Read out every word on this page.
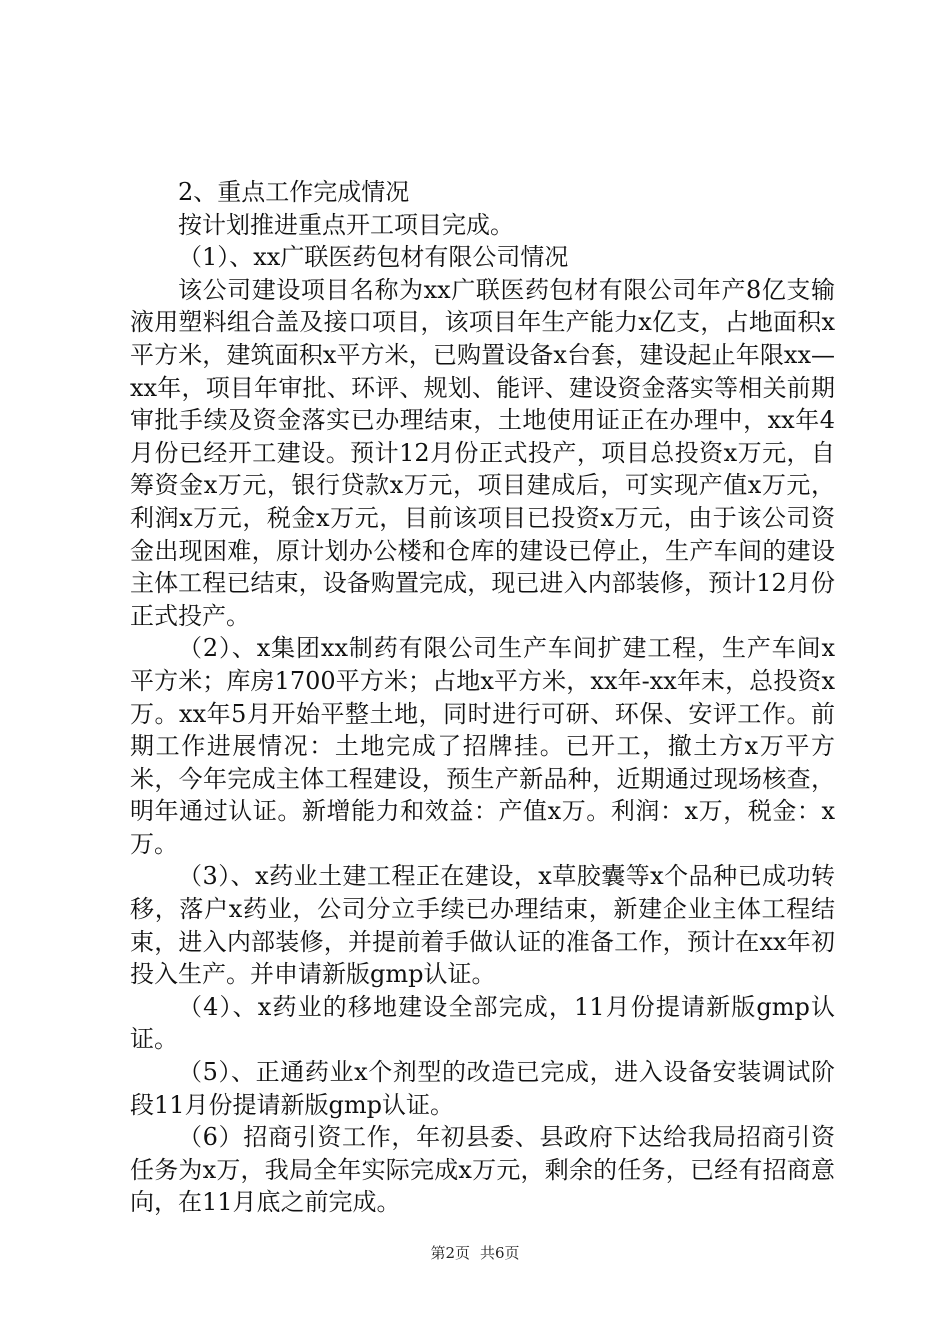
2、重点工作完成情况

按计划推进重点开工项目完成。

（1）、xx广联医药包材有限公司情况

该公司建设项目名称为xx广联医药包材有限公司年产8亿支输液用塑料组合盖及接口项目，该项目年生产能力x亿支，占地面积x平方米，建筑面积x平方米，已购置设备x台套，建设起止年限xx—xx年，项目年审批、环评、规划、能评、建设资金落实等相关前期审批手续及资金落实已办理结束，土地使用证正在办理中，xx年4月份已经开工建设。预计12月份正式投产，项目总投资x万元，自筹资金x万元，银行贷款x万元，项目建成后，可实现产值x万元，利润x万元，税金x万元，目前该项目已投资x万元，由于该公司资金出现困难，原计划办公楼和仓库的建设已停止，生产车间的建设主体工程已结束，设备购置完成，现已进入内部装修，预计12月份正式投产。

（2）、x集团xx制药有限公司生产车间扩建工程，生产车间x平方米；库房1700平方米；占地x平方米，xx年-xx年末，总投资x万。xx年5月开始平整土地，同时进行可研、环保、安评工作。前期工作进展情况：土地完成了招牌挂。已开工，撤土方x万平方米，今年完成主体工程建设，预生产新品种，近期通过现场核查，明年通过认证。新增能力和效益：产值x万。利润：x万，税金：x万。

（3）、x药业土建工程正在建设，x草胶囊等x个品种已成功转移，落户x药业，公司分立手续已办理结束，新建企业主体工程结束，进入内部装修，并提前着手做认证的准备工作，预计在xx年初投入生产。并申请新版gmp认证。

（4）、x药业的移地建设全部完成，11月份提请新版gmp认证。

（5）、正通药业x个剂型的改造已完成，进入设备安装调试阶段11月份提请新版gmp认证。

（6）招商引资工作，年初县委、县政府下达给我局招商引资任务为x万，我局全年实际完成x万元，剩余的任务，已经有招商意向，在11月底之前完成。

第2页 共6页
